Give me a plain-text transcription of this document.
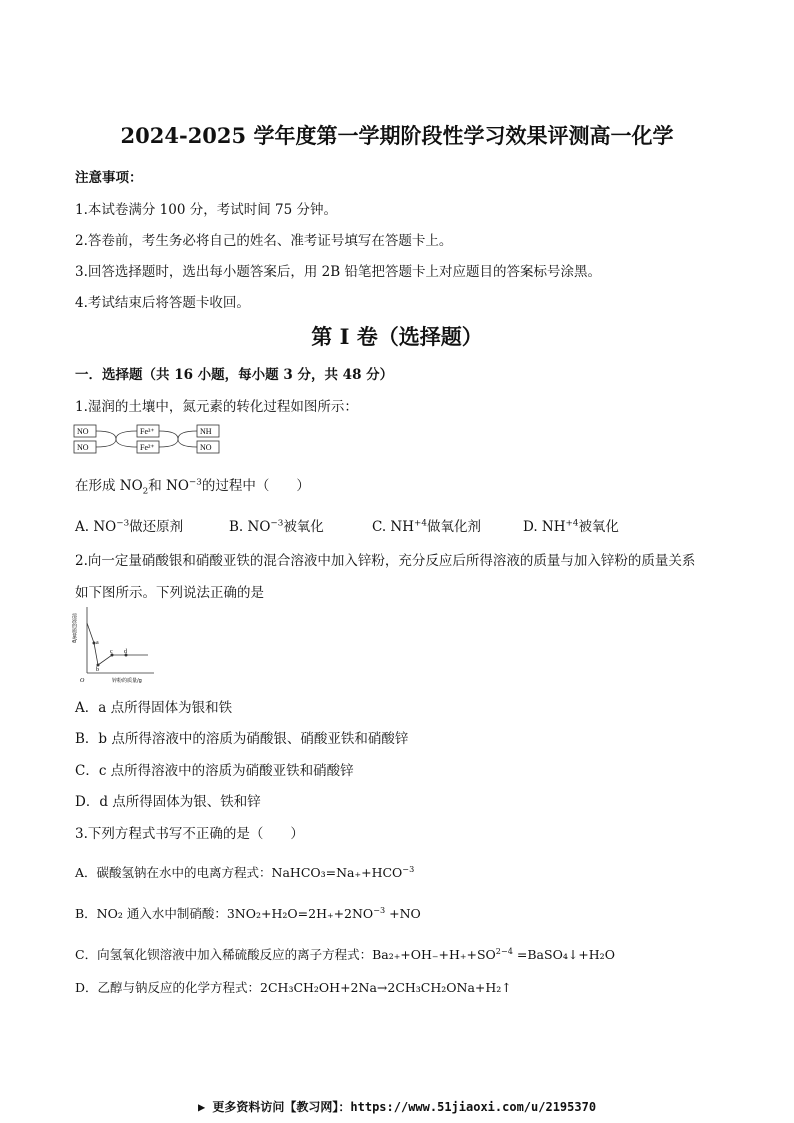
2024-2025 学年度第一学期阶段性学习效果评测高一化学
注意事项：
1.本试卷满分 100 分，考试时间 75 分钟。
2.答卷前，考生务必将自己的姓名、准考证号填写在答题卡上。
3.回答选择题时，选出每小题答案后，用 2B 铅笔把答题卡上对应题目的答案标号涂黑。
4.考试结束后将答题卡收回。
第 I 卷（选择题）
一．选择题（共 16 小题，每小题 3 分，共 48 分）
1.湿润的土壤中，氮元素的转化过程如图所示：
NO
NO
Fe³⁺
Fe²⁺
NH
NO
在形成 $NO_2$和 $NO^{-3}$的过程中（　　）
A. $NO^{-3}$做还原剂	B. $NO^{-3}$被氧化	C. $NH^{+4}$做氧化剂	D. $NH^{+4}$被氧化
2.向一定量硝酸银和硝酸亚铁的混合溶液中加入锌粉，充分反应后所得溶液的质量与加入锌粉的质量关系
如下图所示。下列说法正确的是
a
b
c d
O	锌粉的质量/g
溶液的质量/g
A．a 点所得固体为银和铁
B．b 点所得溶液中的溶质为硝酸银、硝酸亚铁和硝酸锌
C．c 点所得溶液中的溶质为硝酸亚铁和硝酸锌
D．d 点所得固体为银、铁和锌
3.下列方程式书写不正确的是（　　）
A．碳酸氢钠在水中的电离方程式：$NaHCO_3=Na_++HCO^{-3}$
B．NO₂ 通入水中制硝酸：$3NO_2+H_2O=2H_++2NO^{-3} +NO$
C．向氢氧化钡溶液中加入稀硫酸反应的离子方程式：$Ba_{2+}+OH_-+H_++SO^{2-4}$ =BaSO₄↓+H₂O
D．乙醇与钠反应的化学方程式：2CH₃CH₂OH+2Na→2CH₃CH₂ONa+H₂↑
▶ 更多资料访问【教习网】：https://www.51jiaoxi.com/u/2195370
